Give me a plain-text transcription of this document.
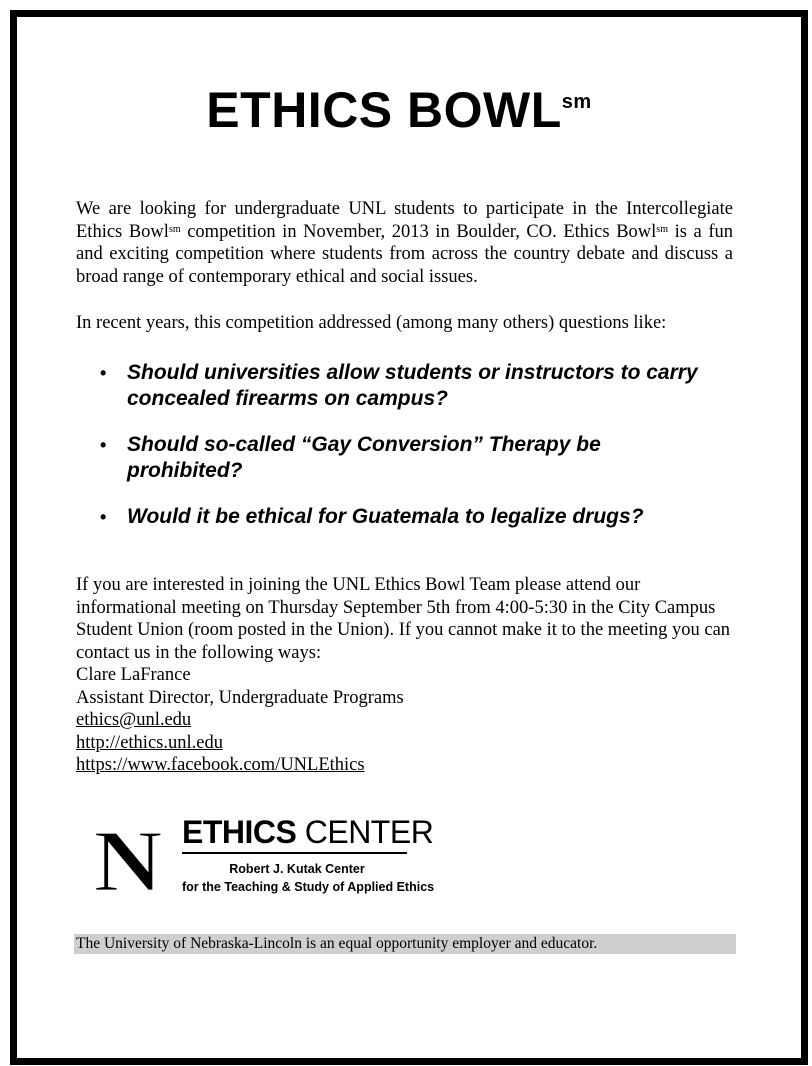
ETHICS $BOWL^{sm}$
We are looking for undergraduate UNL students to participate in the Intercollegiate Ethics Bowl$^{sm}$ competition in November, 2013 in Boulder, CO. Ethics Bowl$^{sm}$ is a fun and exciting competition where students from across the country debate and discuss a broad range of contemporary ethical and social issues.
In recent years, this competition addressed (among many others) questions like:
• Should universities allow students or instructors to carry concealed firearms on campus?
• Should so-called “Gay Conversion” Therapy be prohibited?
• Would it be ethical for Guatemala to legalize drugs?
If you are interested in joining the UNL Ethics Bowl Team please attend our informational meeting on Thursday September 5th from 4:00-5:30 in the City Campus Student Union (room posted in the Union). If you cannot make it to the meeting you can contact us in the following ways:
Clare LaFrance
Assistant Director, Undergraduate Programs
ethics@unl.edu
http://ethics.unl.edu
https://www.facebook.com/UNLEthics
N ETHICS CENTER
Robert J. Kutak Center
for the Teaching & Study of Applied Ethics
The University of Nebraska-Lincoln is an equal opportunity employer and educator.
